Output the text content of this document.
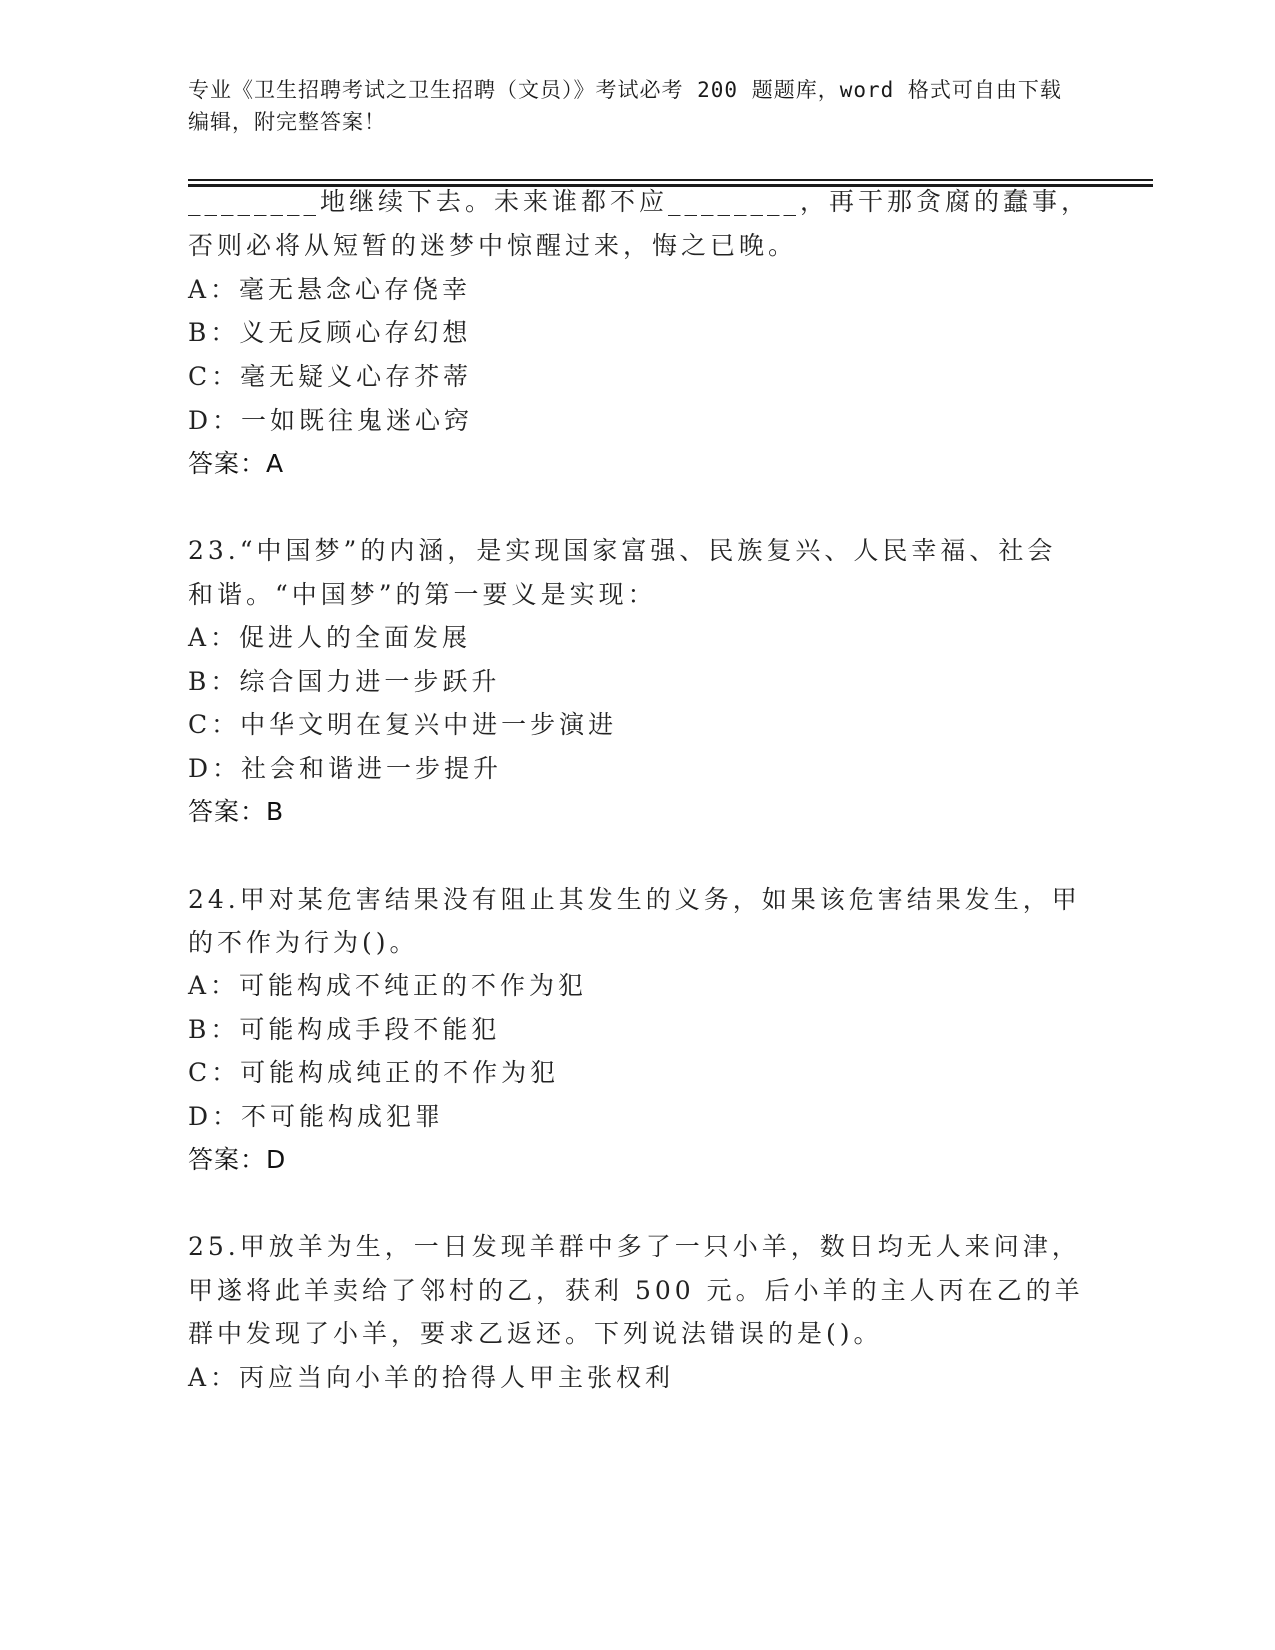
专业《卫生招聘考试之卫生招聘（文员）》考试必考 200 题题库，word 格式可自由下载编辑，附完整答案！
________地继续下去。未来谁都不应________，再干那贪腐的蠢事，
否则必将从短暂的迷梦中惊醒过来，悔之已晚。
A：毫无悬念心存侥幸
B：义无反顾心存幻想
C：毫无疑义心存芥蒂
D：一如既往鬼迷心窍
答案：A
23.“中国梦”的内涵，是实现国家富强、民族复兴、人民幸福、社会
和谐。“中国梦”的第一要义是实现：
A：促进人的全面发展
B：综合国力进一步跃升
C：中华文明在复兴中进一步演进
D：社会和谐进一步提升
答案：B
24.甲对某危害结果没有阻止其发生的义务，如果该危害结果发生，甲
的不作为行为()。
A：可能构成不纯正的不作为犯
B：可能构成手段不能犯
C：可能构成纯正的不作为犯
D：不可能构成犯罪
答案：D
25.甲放羊为生，一日发现羊群中多了一只小羊，数日均无人来问津，
甲遂将此羊卖给了邻村的乙，获利 500 元。后小羊的主人丙在乙的羊
群中发现了小羊，要求乙返还。下列说法错误的是()。
A：丙应当向小羊的拾得人甲主张权利
